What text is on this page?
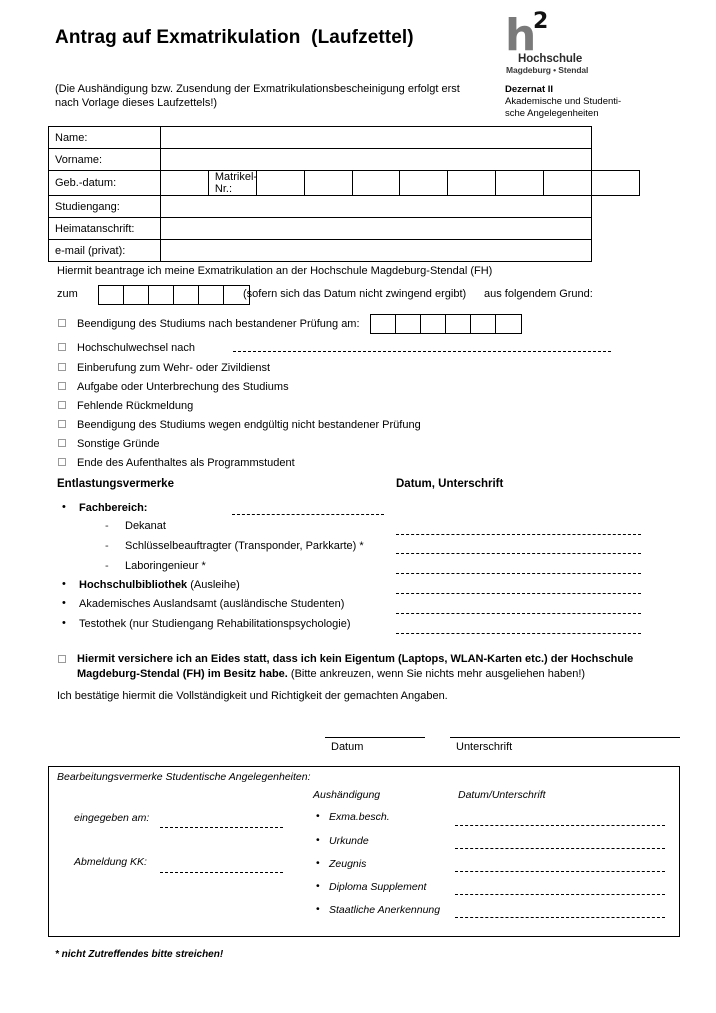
Antrag auf Exmatrikulation  (Laufzettel) h
2
Hochschule
Magdeburg • Stendal
(Die Aushändigung bzw. Zusendung der Exmatrikulationsbescheinigung erfolgt erst nach Vorlage dieses Laufzettels!)
Dezernat II
Akademische und Studenti-
sche Angelegenheiten
Name:										
Vorname:										
Geb.-datum:		Matrikel-Nr.:								
Studiengang:										
Heimatanschrift:										
e-mail (privat):										
Hiermit beantrage ich meine Exmatrikulation an der Hochschule Magdeburg-Stendal (FH)
zum	(sofern sich das Datum nicht zwingend ergibt) aus folgendem Grund:
Beendigung des Studiums nach bestandener Prüfung am:
Hochschulwechsel nach
Einberufung zum Wehr- oder Zivildienst
Aufgabe oder Unterbrechung des Studiums
Fehlende Rückmeldung
Beendigung des Studiums wegen endgültig nicht bestandener Prüfung
Sonstige Gründe
Ende des Aufenthaltes als Programmstudent
Entlastungsvermerke	Datum, Unterschrift
• Fachbereich:
- Dekanat
- Schlüsselbeauftragter (Transponder, Parkkarte) *
- Laboringenieur *
• Hochschulbibliothek (Ausleihe)
• Akademisches Auslandsamt (ausländische Studenten)
• Testothek (nur Studiengang Rehabilitationspsychologie)
Hiermit versichere ich an Eides statt, dass ich kein Eigentum (Laptops, WLAN-Karten etc.) der Hochschule Magdeburg-Stendal (FH) im Besitz habe. (Bitte ankreuzen, wenn Sie nichts mehr ausgeliehen haben!)
Ich bestätige hiermit die Vollständigkeit und Richtigkeit der gemachten Angaben.
Datum	Unterschrift
Bearbeitungsvermerke Studentische Angelegenheiten:
Aushändigung	Datum/Unterschrift
eingegeben am:
Abmeldung KK:
• Exma.besch.
• Urkunde
• Zeugnis
• Diploma Supplement
• Staatliche Anerkennung
* nicht Zutreffendes bitte streichen!
